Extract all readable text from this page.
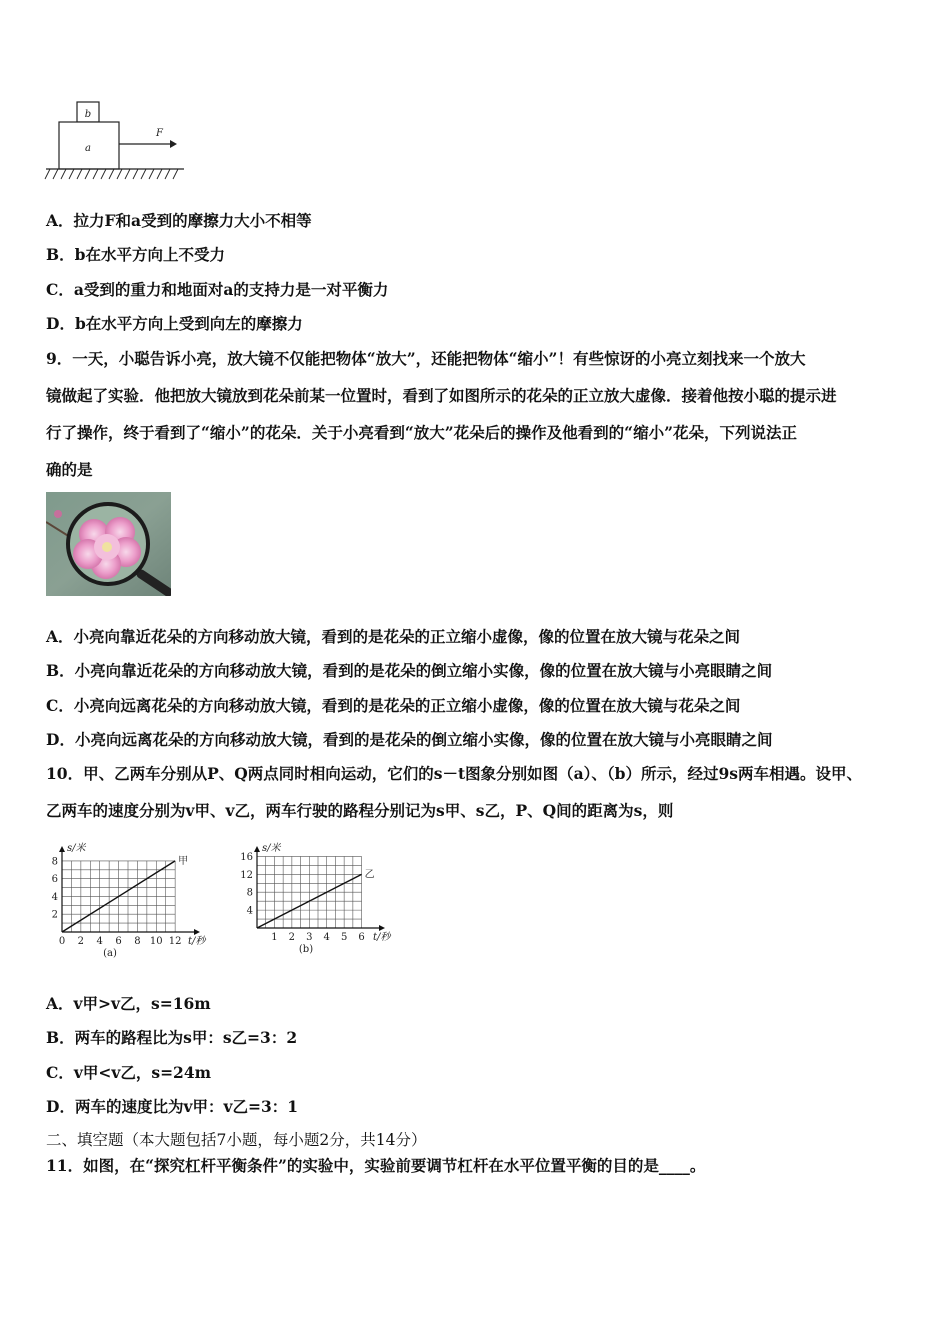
b
a
F
A．拉力F和a受到的摩擦力大小不相等
B．b在水平方向上不受力
C．a受到的重力和地面对a的支持力是一对平衡力
D．b在水平方向上受到向左的摩擦力
9．一天，小聪告诉小亮，放大镜不仅能把物体“放大”，还能把物体“缩小”！有些惊讶的小亮立刻找来一个放大
镜做起了实验．他把放大镜放到花朵前某一位置时，看到了如图所示的花朵的正立放大虚像．接着他按小聪的提示进
行了操作，终于看到了“缩小”的花朵．关于小亮看到“放大”花朵后的操作及他看到的“缩小”花朵，下列说法正
确的是
A．小亮向靠近花朵的方向移动放大镜，看到的是花朵的正立缩小虚像，像的位置在放大镜与花朵之间
B．小亮向靠近花朵的方向移动放大镜，看到的是花朵的倒立缩小实像，像的位置在放大镜与小亮眼睛之间
C．小亮向远离花朵的方向移动放大镜，看到的是花朵的正立缩小虚像，像的位置在放大镜与花朵之间
D．小亮向远离花朵的方向移动放大镜，看到的是花朵的倒立缩小实像，像的位置在放大镜与小亮眼睛之间
10．甲、乙两车分别从P、Q两点同时相向运动，它们的s－t图象分别如图（a）、（b）所示，经过9s两车相遇。设甲、
乙两车的速度分别为v甲、v乙，两车行驶的路程分别记为s甲、s乙，P、Q间的距离为s，则
0 2 4 6 8 10 12
2
4
6
8
s/米
t/秒
甲
(a)
1 2 3 4 5 6
4
8
12
16
s/米
t/秒
乙
(b)
A．v甲>v乙，s=16m
B．两车的路程比为s甲：s乙=3：2
C．v甲<v乙，s=24m
D．两车的速度比为v甲：v乙=3：1
二、填空题（本大题包括7小题，每小题2分，共14分）
11．如图，在“探究杠杆平衡条件”的实验中，实验前要调节杠杆在水平位置平衡的目的是____。
